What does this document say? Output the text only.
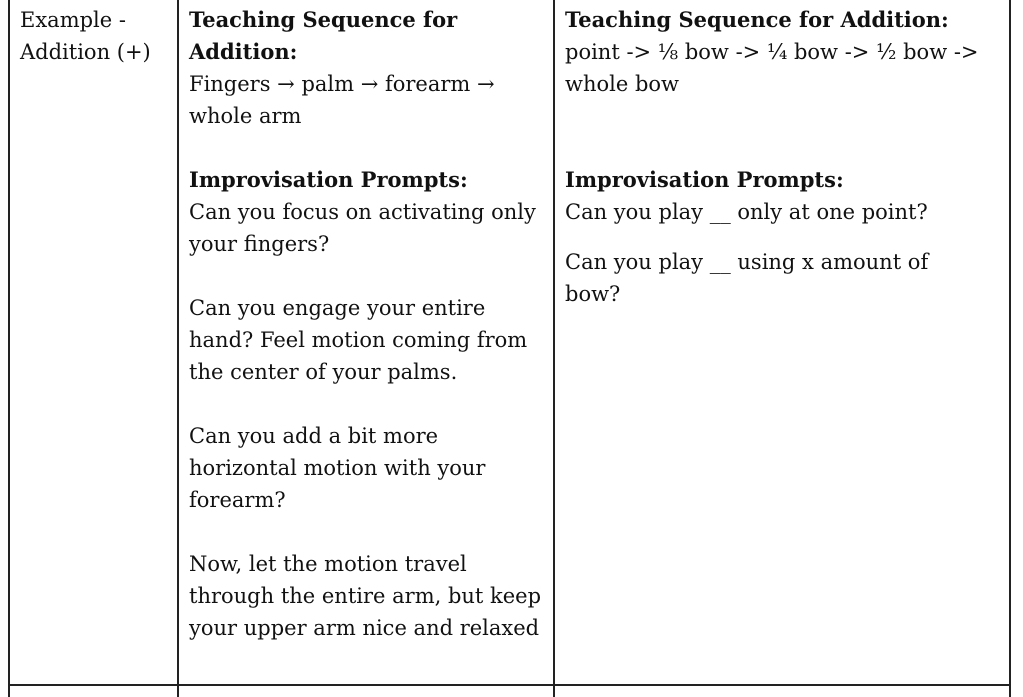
Example - Addition (+)
Teaching Sequence for Addition:
Fingers → palm → forearm → whole arm
Improvisation Prompts:
Can you focus on activating only your fingers?
Can you engage your entire hand? Feel motion coming from the center of your palms.
Can you add a bit more horizontal motion with your forearm?
Now, let the motion travel through the entire arm, but keep your upper arm nice and relaxed
Teaching Sequence for Addition:
point -> ⅛ bow -> ¼ bow -> ½ bow -> whole bow
Improvisation Prompts:
Can you play __ only at one point?
Can you play __ using x amount of bow?
